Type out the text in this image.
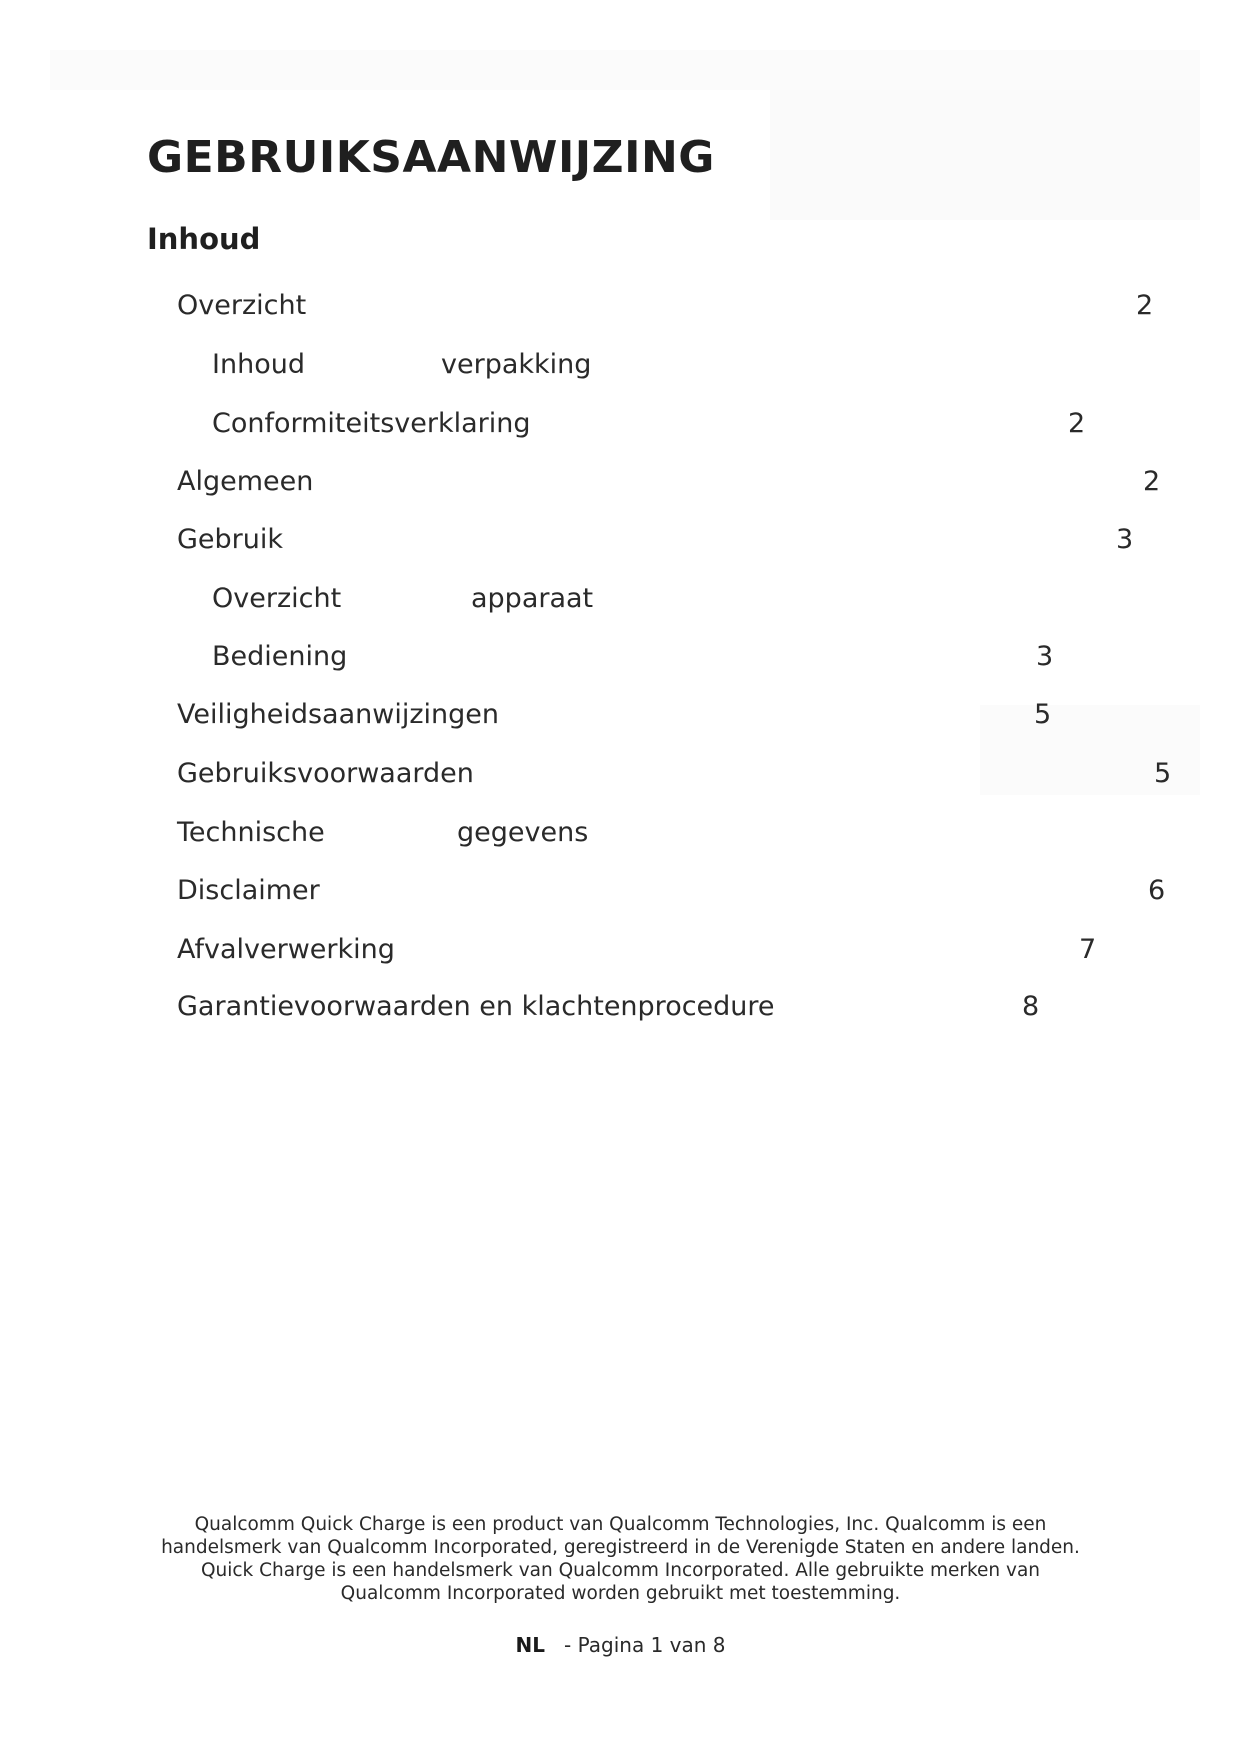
GEBRUIKSAANWIJZING
Inhoud
Overzicht	2
Inhoud	verpakking
Conformiteitsverklaring	2
Algemeen	2
Gebruik	3
Overzicht	apparaat
Bediening	3
Veiligheidsaanwijzingen	5
Gebruiksvoorwaarden	5
Technische	gegevens
Disclaimer	6
Afvalverwerking	7
Garantievoorwaarden en klachtenprocedure	8
Qualcomm Quick Charge is een product van Qualcomm Technologies, Inc. Qualcomm is een
handelsmerk van Qualcomm Incorporated, geregistreerd in de Verenigde Staten en andere landen.
Quick Charge is een handelsmerk van Qualcomm Incorporated. Alle gebruikte merken van
Qualcomm Incorporated worden gebruikt met toestemming.
NL - Pagina 1 van 8
